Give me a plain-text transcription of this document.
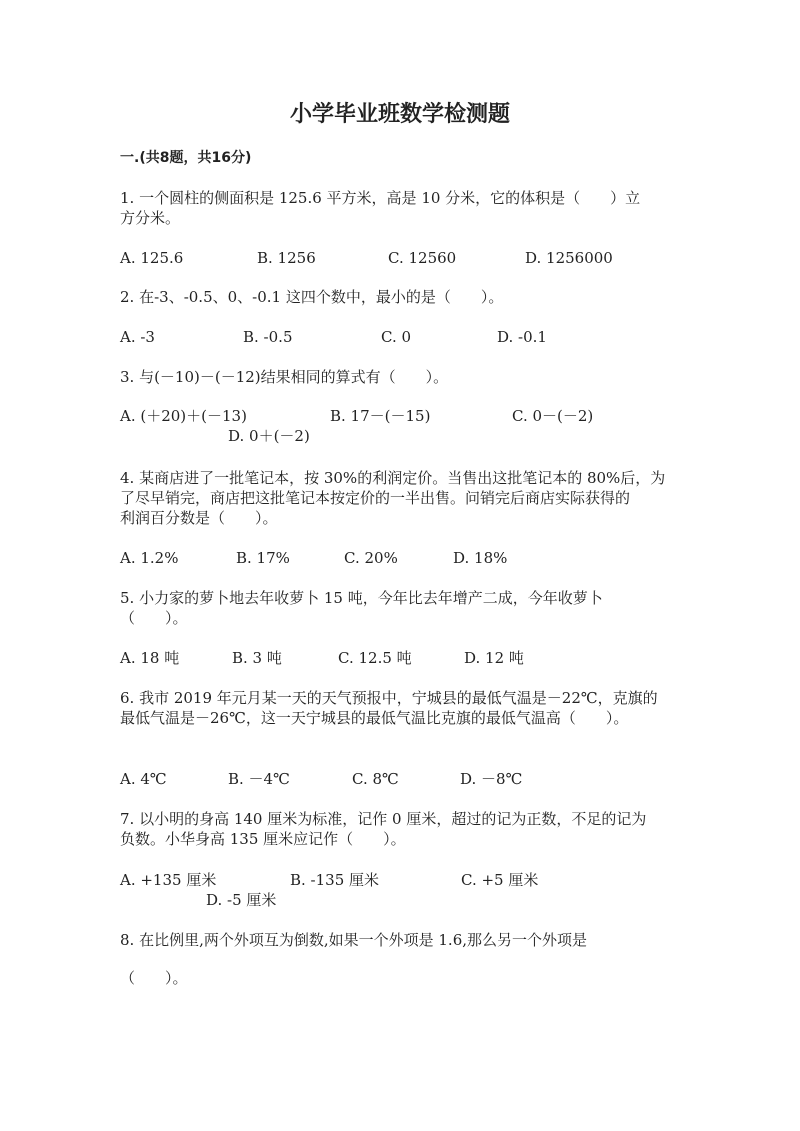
小学毕业班数学检测题
一.(共8题，共16分)
1. 一个圆柱的侧面积是 125.6 平方米，高是 10 分米，它的体积是（　　）立
方分米。
A. 125.6	B. 1256	C. 12560	D. 1256000
2. 在-3、-0.5、0、-0.1 这四个数中，最小的是（　　）。
A. -3	B. -0.5	C. 0	D. -0.1
3. 与(－10)－(－12)结果相同的算式有（　　）。
A. (＋20)＋(－13)	B. 17－(－15)	C. 0－(－2)
D. 0＋(－2)
4. 某商店进了一批笔记本，按 30%的利润定价。当售出这批笔记本的 80%后，为
了尽早销完，商店把这批笔记本按定价的一半出售。问销完后商店实际获得的
利润百分数是（　　）。
A. 1.2%	B. 17%	C. 20%	D. 18%
5. 小力家的萝卜地去年收萝卜 15 吨，今年比去年增产二成，今年收萝卜
（　　）。
A. 18 吨	B. 3 吨	C. 12.5 吨	D. 12 吨
6. 我市 2019 年元月某一天的天气预报中，宁城县的最低气温是－22℃，克旗的
最低气温是－26℃，这一天宁城县的最低气温比克旗的最低气温高（　　）。
A. 4℃	B. －4℃	C. 8℃	D. －8℃
7. 以小明的身高 140 厘米为标准，记作 0 厘米，超过的记为正数，不足的记为
负数。小华身高 135 厘米应记作（　　）。
A. +135 厘米	B. -135 厘米	C. +5 厘米
D. -5 厘米
8. 在比例里,两个外项互为倒数,如果一个外项是 1.6,那么另一个外项是
（　　）。
